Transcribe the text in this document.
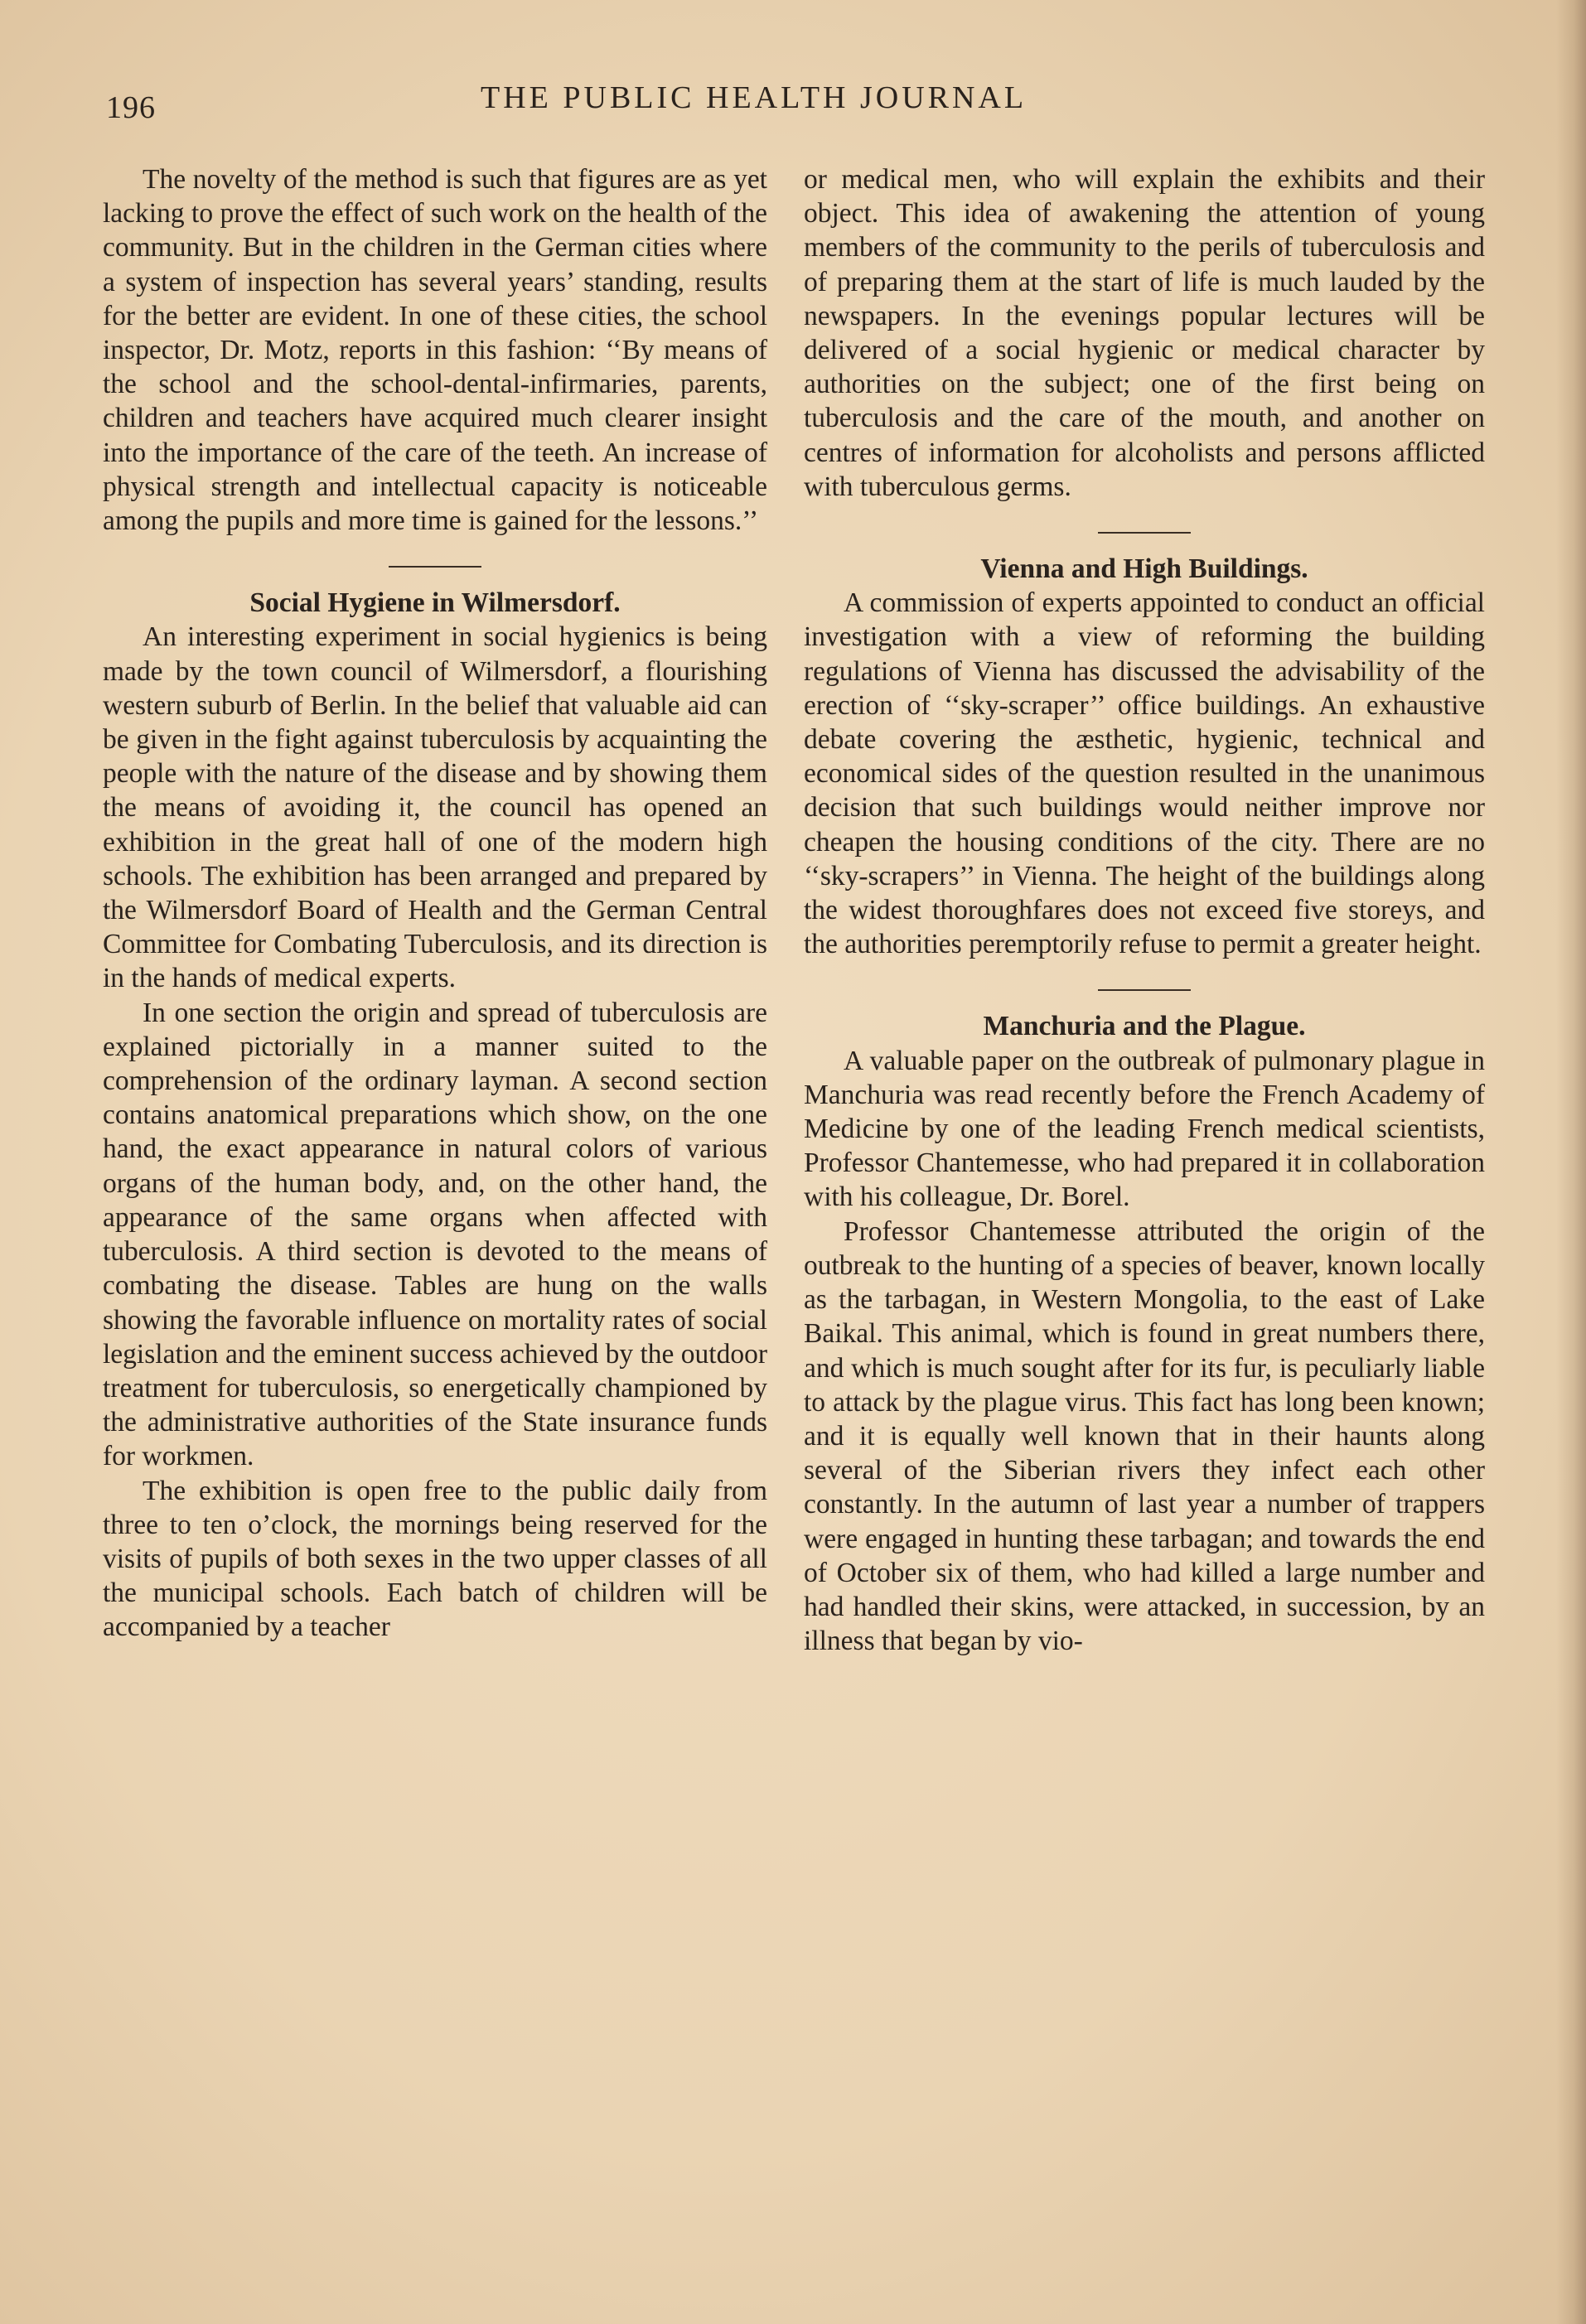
196	THE PUBLIC HEALTH JOURNAL

The novelty of the method is such that figures are as yet lacking to prove the effect of such work on the health of the community. But in the children in the German cities where a system of inspection has several years’ standing, results for the better are evident. In one of these cities, the school inspector, Dr. Motz, reports in this fashion: ‘‘By means of the school and the school-dental-infirmaries, parents, children and teachers have acquired much clearer insight into the importance of the care of the teeth. An increase of physical strength and intellectual capacity is noticeable among the pupils and more time is gained for the lessons.’’

Social Hygiene in Wilmersdorf.

An interesting experiment in social hygienics is being made by the town council of Wilmersdorf, a flourishing western suburb of Berlin. In the belief that valuable aid can be given in the fight against tuberculosis by acquainting the people with the nature of the disease and by showing them the means of avoiding it, the council has opened an exhibition in the great hall of one of the modern high schools. The exhibition has been arranged and prepared by the Wilmersdorf Board of Health and the German Central Committee for Combating Tuberculosis, and its direction is in the hands of medical experts.

In one section the origin and spread of tuberculosis are explained pictorially in a manner suited to the comprehension of the ordinary layman. A second section contains anatomical preparations which show, on the one hand, the exact appearance in natural colors of various organs of the human body, and, on the other hand, the appearance of the same organs when affected with tuberculosis. A third section is devoted to the means of combating the disease. Tables are hung on the walls showing the favorable influence on mortality rates of social legislation and the eminent success achieved by the outdoor treatment for tuberculosis, so energetically championed by the administrative authorities of the State insurance funds for workmen.

The exhibition is open free to the public daily from three to ten o’clock, the mornings being reserved for the visits of pupils of both sexes in the two upper classes of all the municipal schools. Each batch of children will be accompanied by a teacher

or medical men, who will explain the exhibits and their object. This idea of awakening the attention of young members of the community to the perils of tuberculosis and of preparing them at the start of life is much lauded by the newspapers. In the evenings popular lectures will be delivered of a social hygienic or medical character by authorities on the subject; one of the first being on tuberculosis and the care of the mouth, and another on centres of information for alcoholists and persons afflicted with tuberculous germs.

Vienna and High Buildings.

A commission of experts appointed to conduct an official investigation with a view of reforming the building regulations of Vienna has discussed the advisability of the erection of ‘‘sky-scraper’’ office buildings. An exhaustive debate covering the æsthetic, hygienic, technical and economical sides of the question resulted in the unanimous decision that such buildings would neither improve nor cheapen the housing conditions of the city. There are no ‘‘sky-scrapers’’ in Vienna. The height of the buildings along the widest thoroughfares does not exceed five storeys, and the authorities peremptorily refuse to permit a greater height.

Manchuria and the Plague.

A valuable paper on the outbreak of pulmonary plague in Manchuria was read recently before the French Academy of Medicine by one of the leading French medical scientists, Professor Chantemesse, who had prepared it in collaboration with his colleague, Dr. Borel.

Professor Chantemesse attributed the origin of the outbreak to the hunting of a species of beaver, known locally as the tarbagan, in Western Mongolia, to the east of Lake Baikal. This animal, which is found in great numbers there, and which is much sought after for its fur, is peculiarly liable to attack by the plague virus. This fact has long been known; and it is equally well known that in their haunts along several of the Siberian rivers they infect each other constantly. In the autumn of last year a number of trappers were engaged in hunting these tarbagan; and towards the end of October six of them, who had killed a large number and had handled their skins, were attacked, in succession, by an illness that began by vio-
